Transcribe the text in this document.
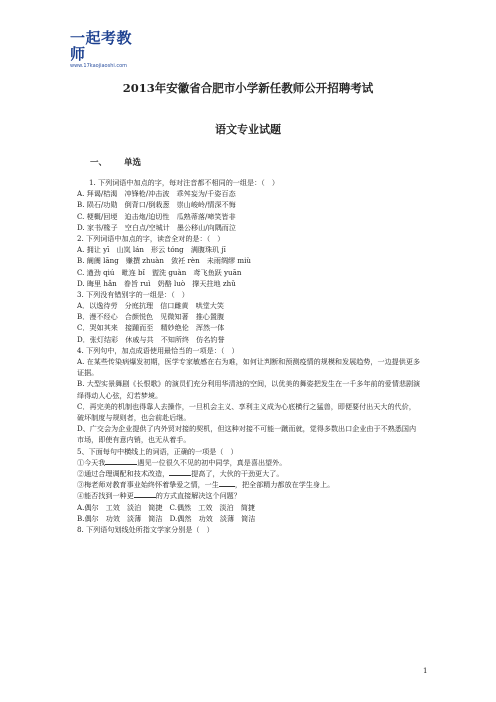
一起考教师
www.17kaojiaoshi.com
2013年安徽省合肥市小学新任教师公开招聘考试
语文专业试题
一、 单选
1. 下列词语中加点的字，每对注音都不相同的一组是：（　）
A. 拜谒/桔渴　冲锋枪/冲击波　乖舛妄为/千姿百态
B. 陨石/功勋　倒背口/倒栽葱　崇山峻岭/情深不悔
C. 梗概/回埂　迫击炮/迫切性　瓜熟蒂落/啼笑皆非
D. 家书/椽子　空白点/空城计　墨公移山/向隅而泣
2. 下列词语中加点的字，读音全对的是：（　）
A. 拥让 yī　山岚 lán　形云 tóng　满腹珠玑 jī
B. 阛阓 lāng　赚撰 zhuàn　敛衽 rèn　未雨绸缪 miù
C. 遒劲 qiú　毗连 bǐ　盥洗 guàn　鸢飞鱼跃 yuān
D. 晦里 hǎn　眷旨 ruì　奶酪 luò　撑天拄地 zhǔ
3. 下列没有错别字的一组是：（　）
A．以逸待劳　分庭抗理　信口雌黄　哄堂大笑
B．漫不经心　合颜悦色　见微知著　推心置腹
C．哭如其来　接踵而至　精妙绝伦　浑然一体
D．张灯结彩　休戚与共　不知所终　仿名钓誉
4. 下列句中，加点成语使用最恰当的一项是：（　）
A. 在某些传染病爆发初期，医学专家敏感在右为难，如何让判断和预测疫情的规模和发展趋势，一边提供更多证据。
B. 大型实景舞剧《长恨歌》的演员们充分利用华清池的空间，以优美的舞姿把发生在一千多年前的爱情悲剧演绎得动人心弦，幻若梦境。
C．再完美的机制也得靠人去操作，一旦机会主义、享利主义成为心底横行之猛兽，即便要付出天大的代价，破坏制度与规则者，也会前赴后继。
D、广交会为企业提供了内外贸对接的契机，但这种对接不可能一蹴而就，觉得多数出口企业由于不熟悉国内市场，即使有意内销，也无从着手。
5、下面每句中横线上的词语，正确的一项是（　）
①今天我	遇见一位很久不见的初中同学，真是喜出望外。
②通过合理调配和技术改造，	提高了，大伙的干劲更大了。
③梅老师对教育事业始终怀着挚爱之情，一生 ，把全部精力都放在学生身上。
④能否找到一种更	的方式直接解决这个问题？
A.偶尔　工效　淡泊　简捷　 C.偶然　工效　淡泊　简捷
B.偶尔　功效　淡薄　简洁　 D.偶然　功效　淡薄　简洁
8. 下列语句划线处所指文学家分别是（　）
1
